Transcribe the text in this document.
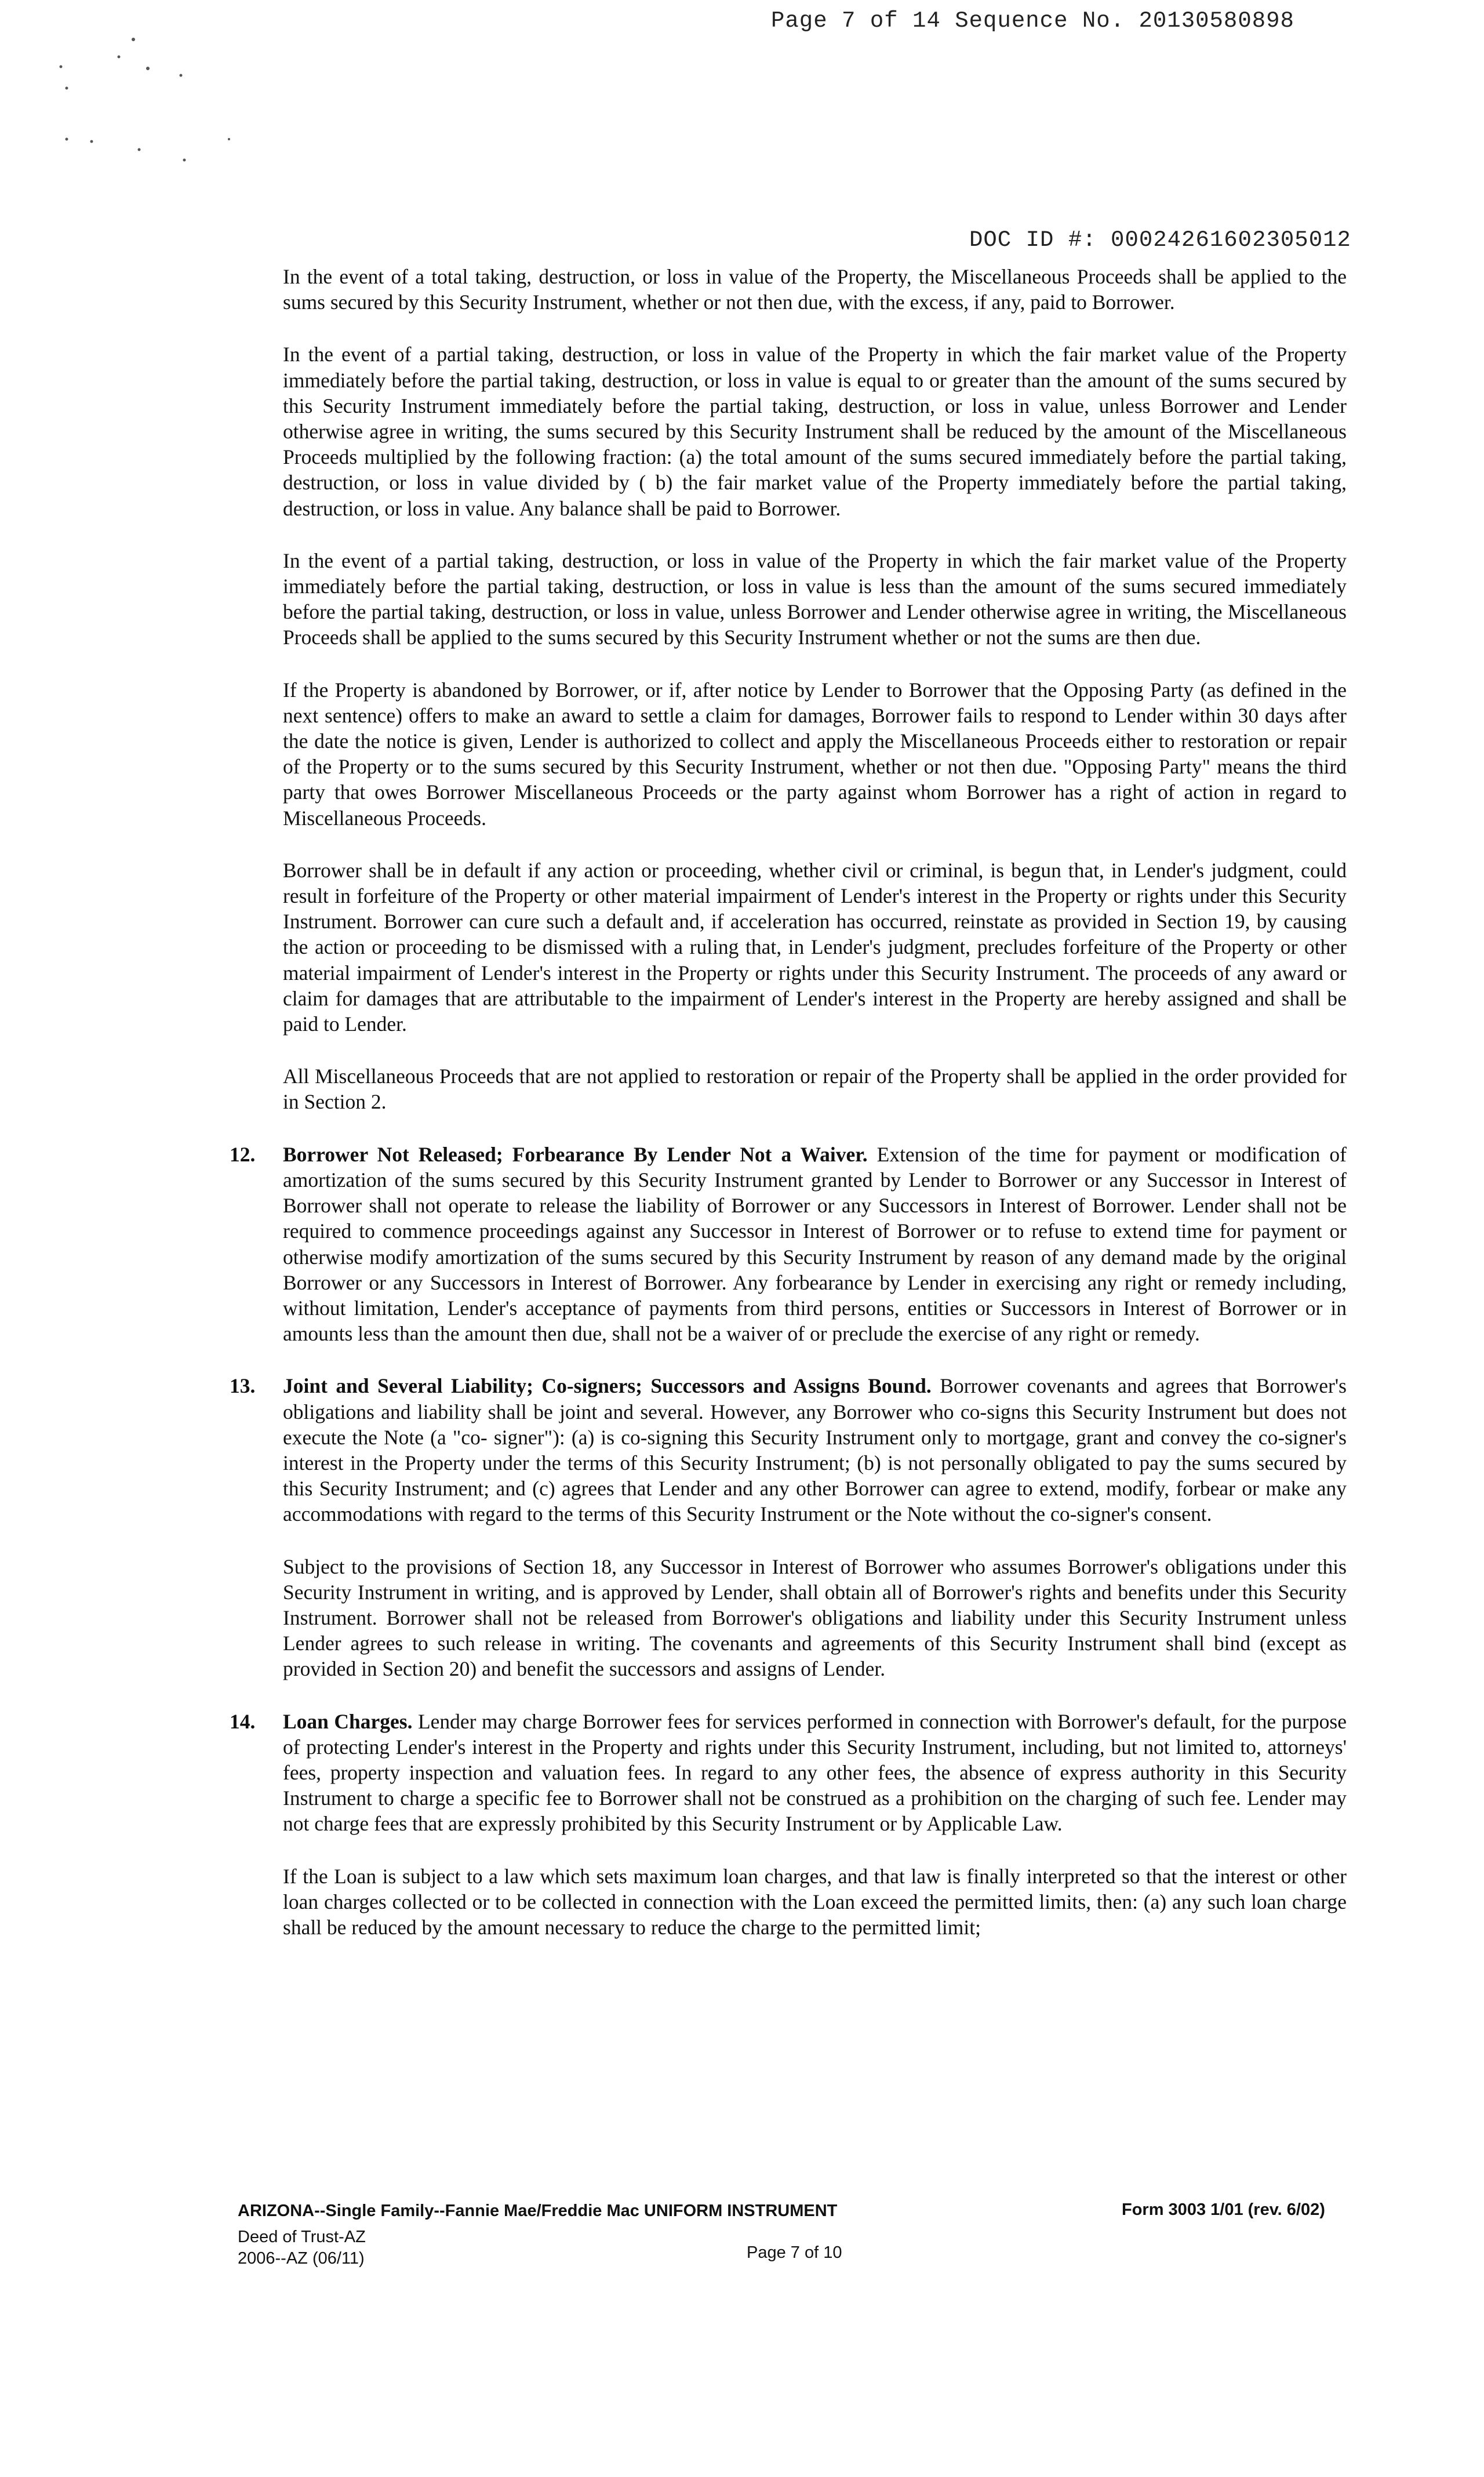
Page 7 of 14 Sequence No. 20130580898
DOC ID #: 00024261602305012

In the event of a total taking, destruction, or loss in value of the Property, the Miscellaneous Proceeds shall be applied to the sums secured by this Security Instrument, whether or not then due, with the excess, if any, paid to Borrower.

In the event of a partial taking, destruction, or loss in value of the Property in which the fair market value of the Property immediately before the partial taking, destruction, or loss in value is equal to or greater than the amount of the sums secured by this Security Instrument immediately before the partial taking, destruction, or loss in value, unless Borrower and Lender otherwise agree in writing, the sums secured by this Security Instrument shall be reduced by the amount of the Miscellaneous Proceeds multiplied by the following fraction: (a) the total amount of the sums secured immediately before the partial taking, destruction, or loss in value divided by ( b) the fair market value of the Property immediately before the partial taking, destruction, or loss in value. Any balance shall be paid to Borrower.

In the event of a partial taking, destruction, or loss in value of the Property in which the fair market value of the Property immediately before the partial taking, destruction, or loss in value is less than the amount of the sums secured immediately before the partial taking, destruction, or loss in value, unless Borrower and Lender otherwise agree in writing, the Miscellaneous Proceeds shall be applied to the sums secured by this Security Instrument whether or not the sums are then due.

If the Property is abandoned by Borrower, or if, after notice by Lender to Borrower that the Opposing Party (as defined in the next sentence) offers to make an award to settle a claim for damages, Borrower fails to respond to Lender within 30 days after the date the notice is given, Lender is authorized to collect and apply the Miscellaneous Proceeds either to restoration or repair of the Property or to the sums secured by this Security Instrument, whether or not then due. "Opposing Party" means the third party that owes Borrower Miscellaneous Proceeds or the party against whom Borrower has a right of action in regard to Miscellaneous Proceeds.

Borrower shall be in default if any action or proceeding, whether civil or criminal, is begun that, in Lender's judgment, could result in forfeiture of the Property or other material impairment of Lender's interest in the Property or rights under this Security Instrument. Borrower can cure such a default and, if acceleration has occurred, reinstate as provided in Section 19, by causing the action or proceeding to be dismissed with a ruling that, in Lender's judgment, precludes forfeiture of the Property or other material impairment of Lender's interest in the Property or rights under this Security Instrument. The proceeds of any award or claim for damages that are attributable to the impairment of Lender's interest in the Property are hereby assigned and shall be paid to Lender.

All Miscellaneous Proceeds that are not applied to restoration or repair of the Property shall be applied in the order provided for in Section 2.

12.	Borrower Not Released; Forbearance By Lender Not a Waiver. Extension of the time for payment or modification of amortization of the sums secured by this Security Instrument granted by Lender to Borrower or any Successor in Interest of Borrower shall not operate to release the liability of Borrower or any Successors in Interest of Borrower. Lender shall not be required to commence proceedings against any Successor in Interest of Borrower or to refuse to extend time for payment or otherwise modify amortization of the sums secured by this Security Instrument by reason of any demand made by the original Borrower or any Successors in Interest of Borrower. Any forbearance by Lender in exercising any right or remedy including, without limitation, Lender's acceptance of payments from third persons, entities or Successors in Interest of Borrower or in amounts less than the amount then due, shall not be a waiver of or preclude the exercise of any right or remedy.
13.	Joint and Several Liability; Co-signers; Successors and Assigns Bound. Borrower covenants and agrees that Borrower's obligations and liability shall be joint and several. However, any Borrower who co-signs this Security Instrument but does not execute the Note (a "co- signer"): (a) is co-signing this Security Instrument only to mortgage, grant and convey the co-signer's interest in the Property under the terms of this Security Instrument; (b) is not personally obligated to pay the sums secured by this Security Instrument; and (c) agrees that Lender and any other Borrower can agree to extend, modify, forbear or make any accommodations with regard to the terms of this Security Instrument or the Note without the co-signer's consent.

Subject to the provisions of Section 18, any Successor in Interest of Borrower who assumes Borrower's obligations under this Security Instrument in writing, and is approved by Lender, shall obtain all of Borrower's rights and benefits under this Security Instrument. Borrower shall not be released from Borrower's obligations and liability under this Security Instrument unless Lender agrees to such release in writing. The covenants and agreements of this Security Instrument shall bind (except as provided in Section 20) and benefit the successors and assigns of Lender.

14.	Loan Charges. Lender may charge Borrower fees for services performed in connection with Borrower's default, for the purpose of protecting Lender's interest in the Property and rights under this Security Instrument, including, but not limited to, attorneys' fees, property inspection and valuation fees. In regard to any other fees, the absence of express authority in this Security Instrument to charge a specific fee to Borrower shall not be construed as a prohibition on the charging of such fee. Lender may not charge fees that are expressly prohibited by this Security Instrument or by Applicable Law.

If the Loan is subject to a law which sets maximum loan charges, and that law is finally interpreted so that the interest or other loan charges collected or to be collected in connection with the Loan exceed the permitted limits, then: (a) any such loan charge shall be reduced by the amount necessary to reduce the charge to the permitted limit;

ARIZONA--Single Family--Fannie Mae/Freddie Mac UNIFORM INSTRUMENT
Deed of Trust-AZ
2006--AZ (06/11)
Form 3003 1/01 (rev. 6/02)
Page 7 of 10
